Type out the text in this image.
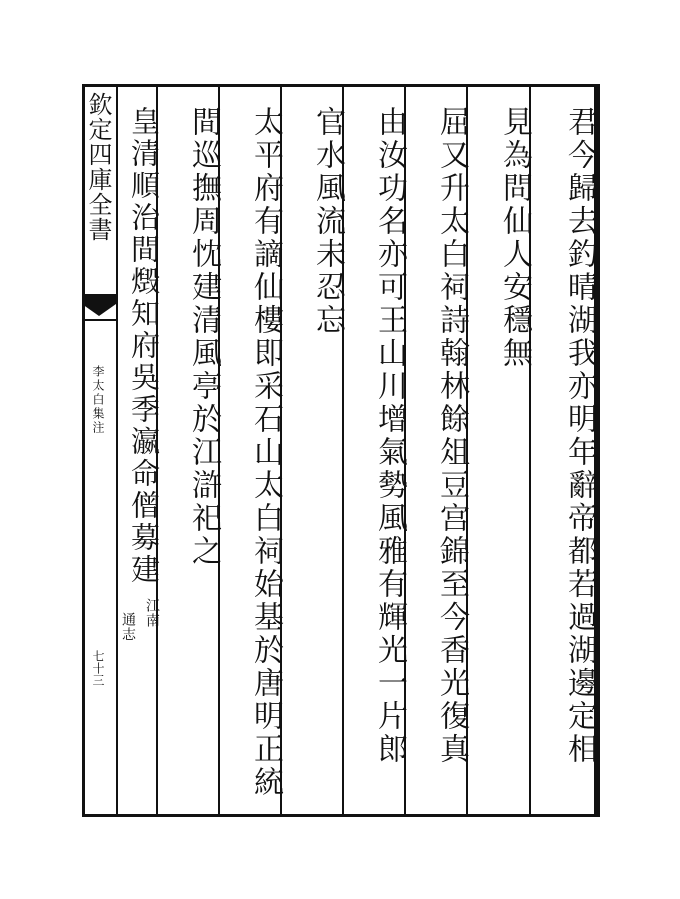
欽定四庫全書
李太白集注
七十三	君今歸去釣晴湖我亦明年辭帝都若過湖邊定相
見為問仙人安穩無
屈又升太白祠詩翰林餘俎豆宫錦至今香光復真
由汝功名亦可王山川增氣勢風雅有輝光一片郎
官水風流未忍忘
太平府有謫仙樓即采石山太白祠始基於唐明正統
間巡撫周忱建清風亭於江滸祀之
皇清順治間燬知府吳季瀛命僧募建
江南
通志
